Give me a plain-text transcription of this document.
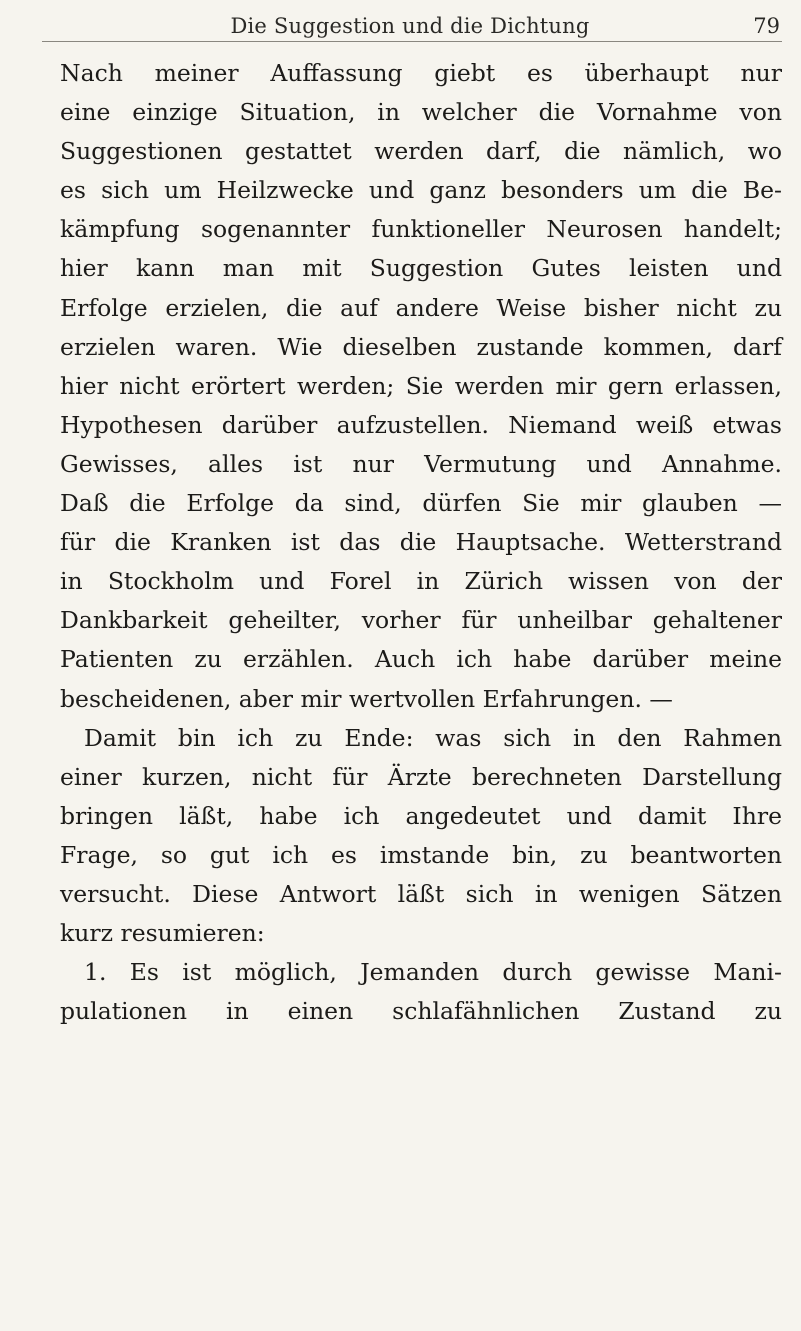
Die Suggestion und die Dichtung	79
Nach meiner Auffassung giebt es überhaupt nur
eine einzige Situation, in welcher die Vornahme von
Suggestionen gestattet werden darf, die nämlich, wo
es sich um Heilzwecke und ganz besonders um die Be-
kämpfung sogenannter funktioneller Neurosen handelt;
hier kann man mit Suggestion Gutes leisten und
Erfolge erzielen, die auf andere Weise bisher nicht zu
erzielen waren. Wie dieselben zustande kommen, darf
hier nicht erörtert werden; Sie werden mir gern erlassen,
Hypothesen darüber aufzustellen. Niemand weiß etwas
Gewisses, alles ist nur Vermutung und Annahme.
Daß die Erfolge da sind, dürfen Sie mir glauben —
für die Kranken ist das die Hauptsache. Wetterstrand
in Stockholm und Forel in Zürich wissen von der
Dankbarkeit geheilter, vorher für unheilbar gehaltener
Patienten zu erzählen. Auch ich habe darüber meine
bescheidenen, aber mir wertvollen Erfahrungen. —
Damit bin ich zu Ende: was sich in den Rahmen
einer kurzen, nicht für Ärzte berechneten Darstellung
bringen läßt, habe ich angedeutet und damit Ihre
Frage, so gut ich es imstande bin, zu beantworten
versucht. Diese Antwort läßt sich in wenigen Sätzen
kurz resumieren:
1. Es ist möglich, Jemanden durch gewisse Mani-
pulationen in einen schlafähnlichen Zustand zu
